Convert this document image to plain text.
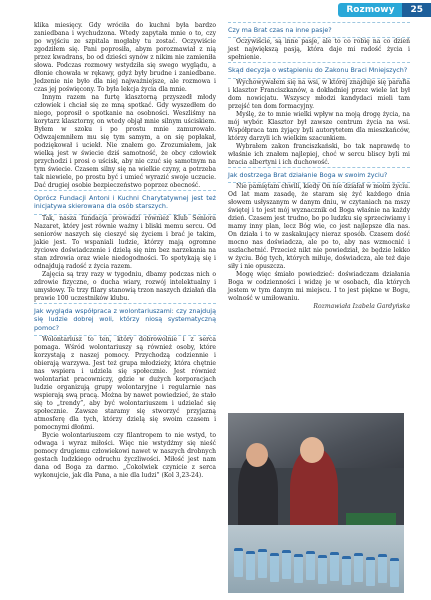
Rozmowy	25

klika miesięcy. Gdy wróciła do kuchni była bardzo zaniedbana i wychudzona. Wtedy zapytała mnie o to, czy po wyjściu ze szpitala mogłaby tu zostać. Oczywiście zgodziłem się. Pani poprosiła, abym porozmawiał z nią przez kwadrans, bo od dzieści synów z nikim nie zamieniła słowa. Podczas rozmowy wstydziła się swego wyglądu, a dłonie chowała w rękawy, gdyż były brudne i zaniedbane. Jedzenie nie było dla niej najważniejsze, ale rozmowa i czas jej poświęcony. To była lekcja życia dla mnie.

Innym razem na furtę klasztorną przyszedł młody człowiek i chciał się ze mną spotkać. Gdy wyszedłem do niego, poprosił o spotkanie na osobności. Weszliśmy na korytarz klasztorny, on wtedy objął mnie silnym uściskiem. Byłem w szoku i po prostu mnie zamurowało. Odwzajemniłem mu się tym samym, a on się popłakał, podziękował i uciekł. Nie znałem go. Zrozumiałem, jak wielką jest w świecie dziś samotność, że obcy człowiek przychodzi i prosi o uścisk, aby nie czuć się samotnym na tym świecie. Czasem silny się na wielkie czyny, a potrzeba tak niewiele, po prostu być i umieć wyrazić swoje uczucie. Dać drugiej osobie bezpieczeństwo poprzez obecność.

Oprócz Fundacji Antoni i Kuchni Charytatywnej jest też inicjatywa skierowana dla osób starszych.

Tak, nasza fundacja prowadzi również Klub Seniora Nazaret, który jest równie ważny i bliski memu sercu. Od seniorów naszych się cieszyć się życiem i brać je takim, jakie jest. To wspaniali ludzie, którzy mają ogromne życiowe doświadczenie i dzielą się nim bez narzekania na stan zdrowia oraz wiele niedogodności. To spotykają się i odnajdują radość z życia razem.

Zajęcia są trzy razy w tygodniu, dbamy podczas nich o zdrowie fizyczne, o ducha wiary, rozwój intelektualny i umysłowy. Te trzy filary stanowią trzon naszych działań dla prawie 100 uczestników klubu.

Jak wygląda współpraca z wolontariuszami: czy znajdują się ludzie dobrej woli, którzy niosą systematyczną pomoc?

Wolontariusz to ten, który dobrowolnie i z serca pomaga. Wśród wolontariuszy są również osoby, które korzystają z naszej pomocy. Przychodzą codziennie i obierają warzywa. Jest też grupa młodzieży, która chętnie nas wspiera i udziela się społecznie. Jest również wolontariat pracowniczy, gdzie w dużych korporacjach ludzie organizują grupy wolontaryjne i regularnie nas wspierają swą pracą. Można by nawet powiedzieć, że stało się to „trendy”, aby być wolontariuszem i udzielać się społecznie. Zawsze staramy się stworzyć przyjazną atmosferę dla tych, którzy dzielą się swoim czasem i pomocnymi dłońmi.

Bycie wolontariuszem czy filantropem to nie wstyd, to odwaga i wyraz miłości. Więc nie wstydźmy się nieść pomocy drugiemu człowiekowi nawet w naszych drobnych gestach ludzkiego odruchu życzliwości. Miłość jest nam dana od Boga za darmo. „Cokolwiek czynicie z serca wykonujcie, jak dla Pana, a nie dla ludzi” (Kol 3,23-24).

Czy ma Brat czas na inne pasje?

Oczywiście, są inne pasje, ale to co robię na co dzień jest największą pasją, która daje mi radość życia i spełnienie.

Skąd decyzja o wstąpieniu do Zakonu Braci Mniejszych?

Wychowywałem się na wsi, w której znajduje się parafia i klasztor Franciszkanów, a dokładniej przez wiele lat był dom nowicjatu. Wszyscy młodzi kandydaci mieli tam przejść ten dom formacyjny.

Myślę, że to mnie wielki wpływ na moją drogę życia, na mój wybór. Klasztor był zawsze centrum życia na wsi. Współpraca tam żyjący byli autorytetem dla mieszkańców, którzy darzyli ich wielkim szacunkiem.

Wybrałem zakon franciszkański, bo tak naprawdę to właśnie ich znałem najlepiej, choć w sercu bliscy byli mi bracia albertyni i ich duchowość.

Jak dostrzega Brat działanie Boga w swoim życiu?

Nie pamiętam chwili, kiedy On nie działał w moim życiu. Od lat mam zasadę, że staram się żyć każdego dnia słowem usłyszanym w danym dniu, w czytaniach na mszy świętej i to jest mój wyznacznik od Boga właśnie na każdy dzień. Czasem jest trudno, bo po ludzku się sprzeciwiamy i mamy inny plan, lecz Bóg wie, co jest najlepsze dla nas. On działa i to w zaskakujący nieraz sposób. Czasem dość mocno nas doświadcza, ale po to, aby nas wzmocnić i uszlachetnić. Przecież nikt nie powiedział, że będzie lekko w życiu. Bóg tych, których miłuje, doświadcza, ale też daje siły i nie opuszcza.

Mogę więc śmiało powiedzieć: doświadczam działania Boga w codzienności i widzę je w osobach, dla których jestem w tym danym mi miejscu. I to jest piękne w Bogu, wolność w umiłowaniu.

Rozmawiała Izabela Gardyńska
